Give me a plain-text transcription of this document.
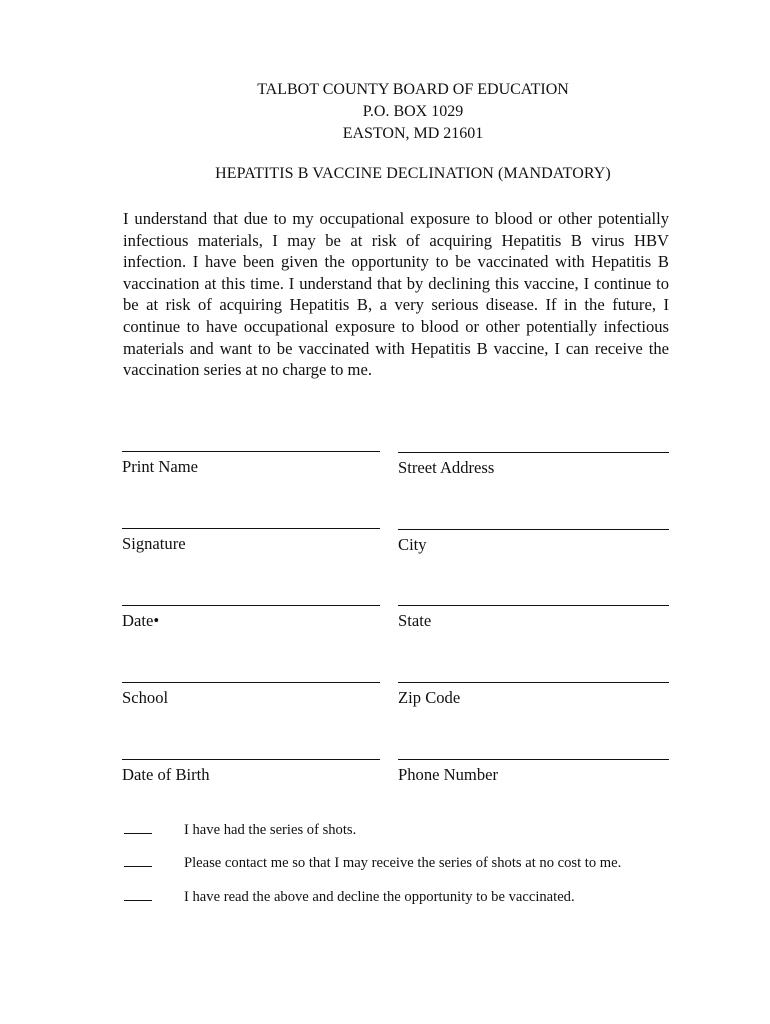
TALBOT COUNTY BOARD OF EDUCATION
P.O. BOX 1029
EASTON, MD 21601
HEPATITIS B VACCINE DECLINATION (MANDATORY)
I understand that due to my occupational exposure to blood or other potentially infectious materials, I may be at risk of acquiring Hepatitis B virus HBV infection. I have been given the opportunity to be vaccinated with Hepatitis B vaccination at this time. I understand that by declining this vaccine, I continue to be at risk of acquiring Hepatitis B, a very serious disease. If in the future, I continue to have occupational exposure to blood or other potentially infectious materials and want to be vaccinated with Hepatitis B vaccine, I can receive the vaccination series at no charge to me.
Print Name	Street Address
Signature	City
Date•	State
School	Zip Code
Date of Birth	Phone Number
I have had the series of shots.
Please contact me so that I may receive the series of shots at no cost to me.
I have read the above and decline the opportunity to be vaccinated.
